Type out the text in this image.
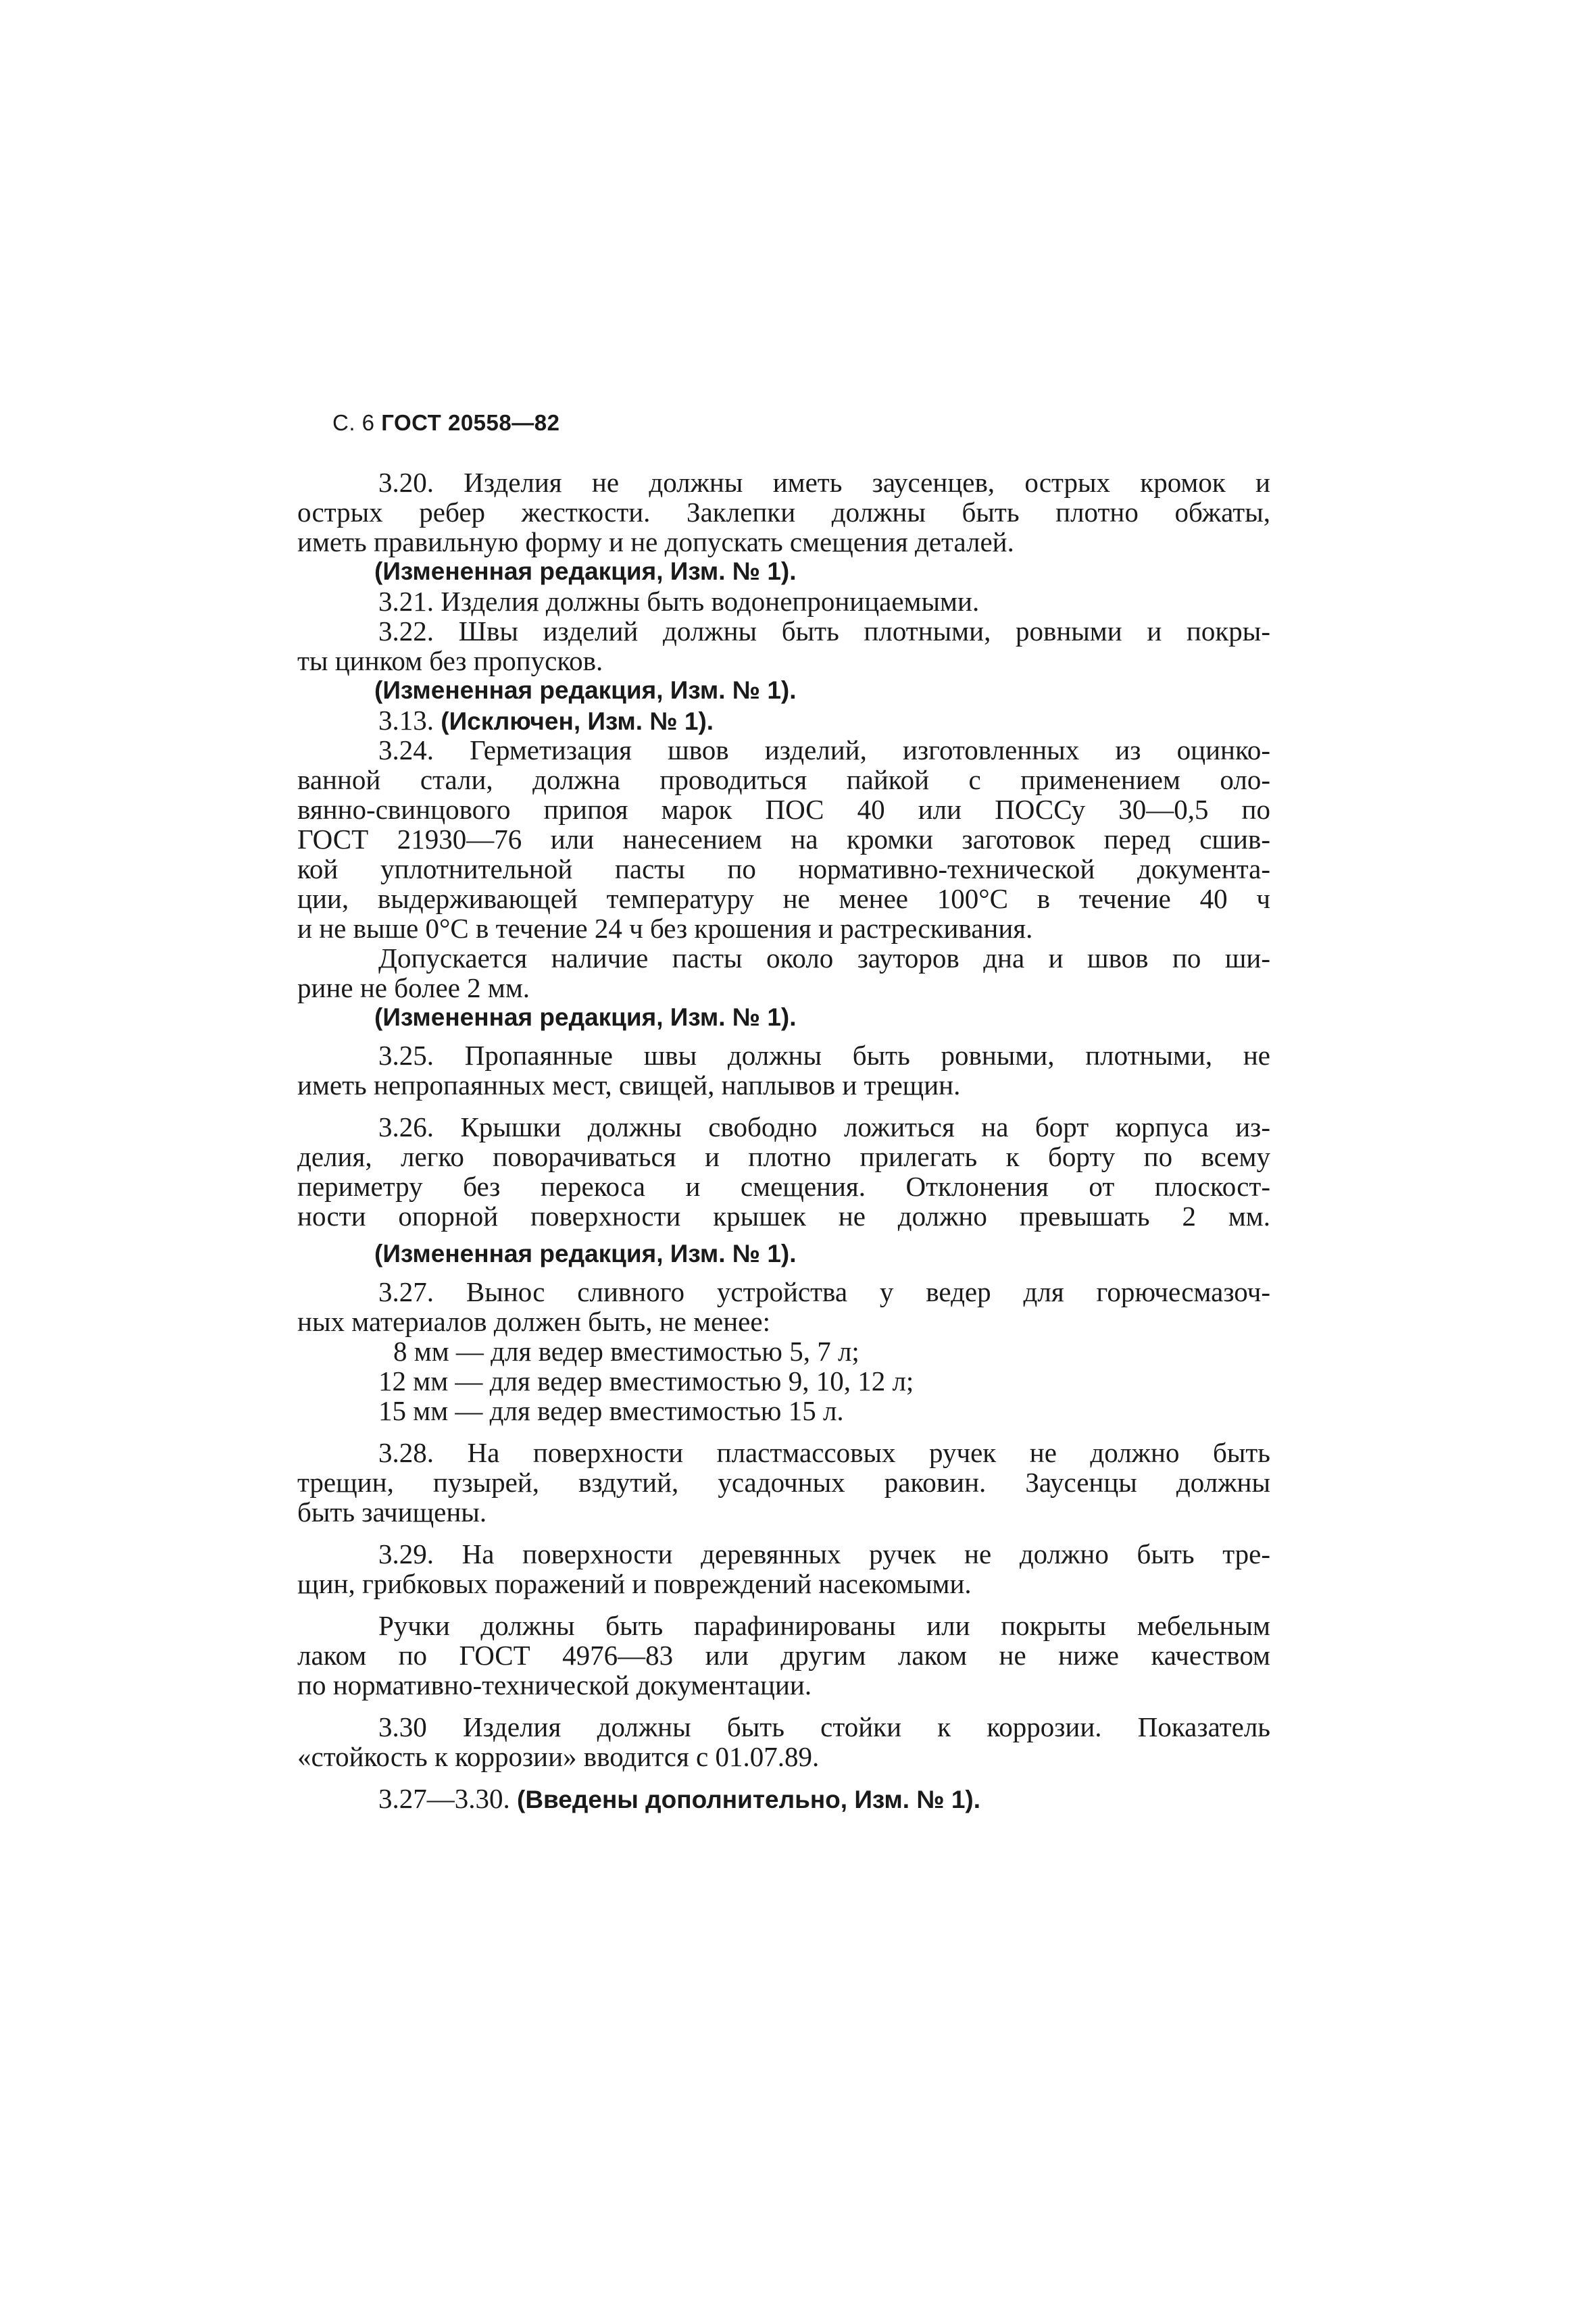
С. 6 ГОСТ 20558—82
3.20. Изделия не должны иметь заусенцев, острых кромок и
острых ребер жесткости. Заклепки должны быть плотно обжаты,
иметь правильную форму и не допускать смещения деталей.
(Измененная редакция, Изм. № 1).
3.21. Изделия должны быть водонепроницаемыми.
3.22. Швы изделий должны быть плотными, ровными и покры-
ты цинком без пропусков.
(Измененная редакция, Изм. № 1).
3.13. (Исключен, Изм. № 1).
3.24. Герметизация швов изделий, изготовленных из оцинко-
ванной стали, должна проводиться пайкой с применением оло-
вянно-свинцового припоя марок ПОС 40 или ПОССу 30—0,5 по
ГОСТ 21930—76 или нанесением на кромки заготовок перед сшив-
кой уплотнительной пасты по нормативно-технической документа-
ции, выдерживающей температуру не менее 100°С в течение 40 ч
и не выше 0°С в течение 24 ч без крошения и растрескивания.
Допускается наличие пасты около зауторов дна и швов по ши-
рине не более 2 мм.
(Измененная редакция, Изм. № 1).
3.25. Пропаянные швы должны быть ровными, плотными, не
иметь непропаянных мест, свищей, наплывов и трещин.
3.26. Крышки должны свободно ложиться на борт корпуса из-
делия, легко поворачиваться и плотно прилегать к борту по всему
периметру без перекоса и смещения. Отклонения от плоскост-
ности опорной поверхности крышек не должно превышать 2 мм.
(Измененная редакция, Изм. № 1).
3.27. Вынос сливного устройства у ведер для горючесмазоч-
ных материалов должен быть, не менее:
8 мм — для ведер вместимостью 5, 7 л;
12 мм — для ведер вместимостью 9, 10, 12 л;
15 мм — для ведер вместимостью 15 л.
3.28. На поверхности пластмассовых ручек не должно быть
трещин, пузырей, вздутий, усадочных раковин. Заусенцы должны
быть зачищены.
3.29. На поверхности деревянных ручек не должно быть тре-
щин, грибковых поражений и повреждений насекомыми.
Ручки должны быть парафинированы или покрыты мебельным
лаком по ГОСТ 4976—83 или другим лаком не ниже качеством
по нормативно-технической документации.
3.30 Изделия должны быть стойки к коррозии. Показатель
«стойкость к коррозии» вводится с 01.07.89.
3.27—3.30. (Введены дополнительно, Изм. № 1).
